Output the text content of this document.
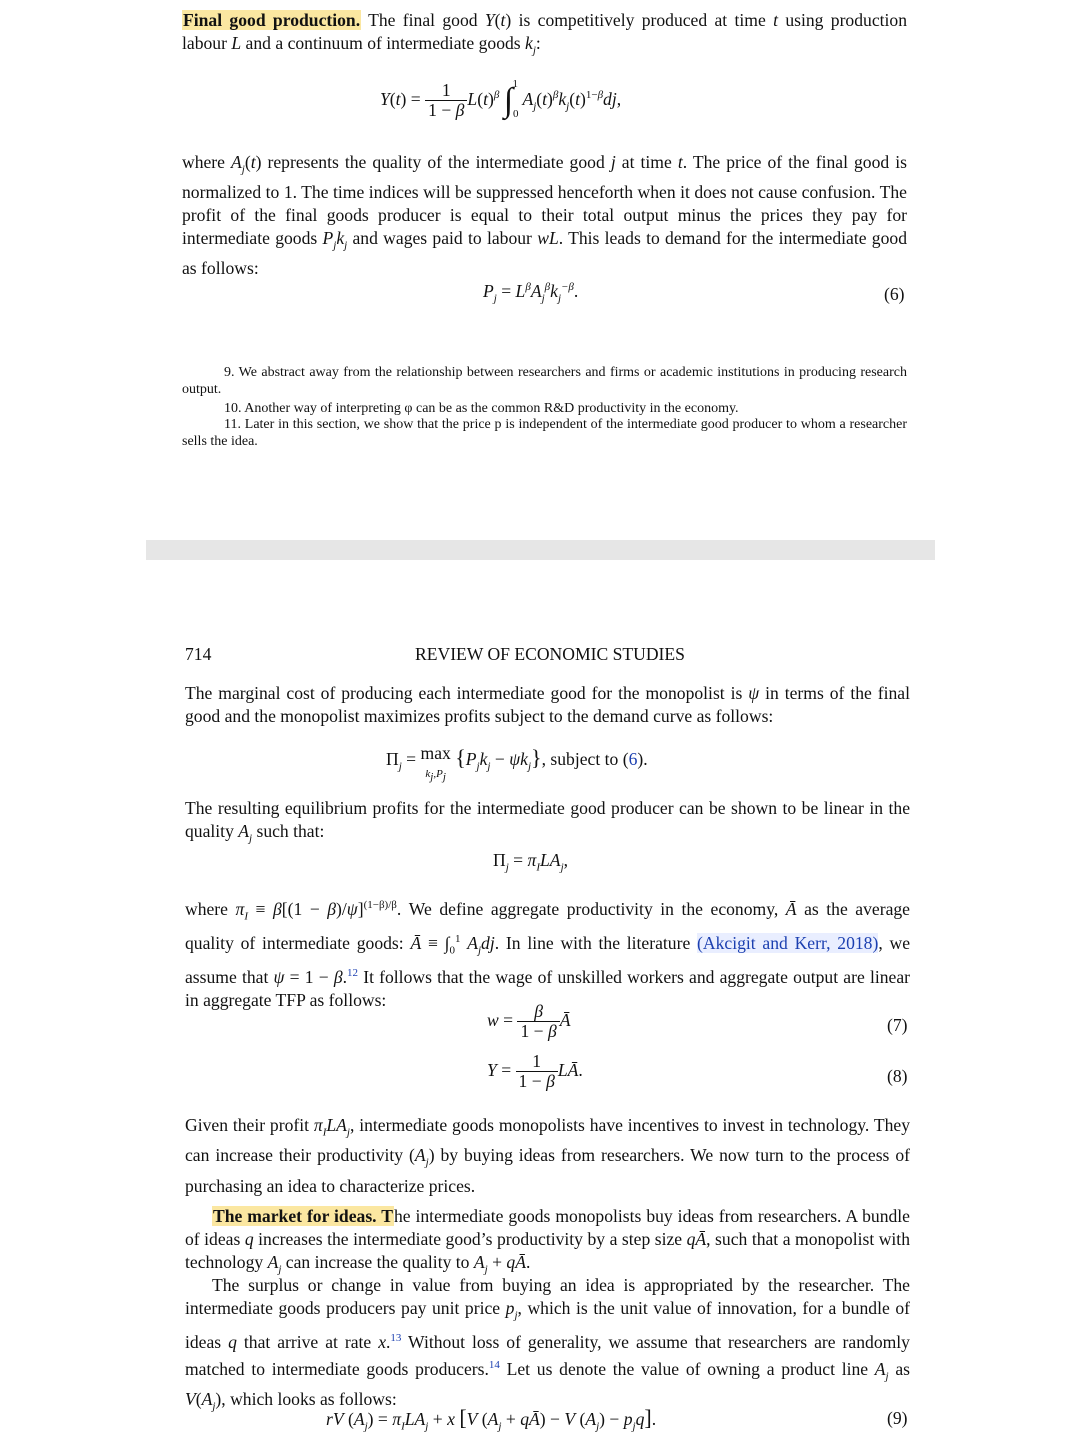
Final good production. The final good Y(t) is competitively produced at time t using production labour L and a continuum of intermediate goods $k_j$:

$Y(t) = \frac{1}{1 - \beta} L(t)^\beta$ $\int_0^1$ $A_j(t)^\beta k_j(t)^{1-\beta}dj$,

where $A_j(t)$ represents the quality of the intermediate good j at time t. The price of the final good is normalized to 1. The time indices will be suppressed henceforth when it does not cause confusion. The profit of the final goods producer is equal to their total output minus the prices they pay for intermediate goods $P_jk_j$ and wages paid to labour wL. This leads to demand for the intermediate good as follows:

$P_j = L^\beta A_j^\beta k_j^{-\beta}$.	(6)

9. We abstract away from the relationship between researchers and firms or academic institutions in producing research output.

10. Another way of interpreting φ can be as the common R&D productivity in the economy.

11. Later in this section, we show that the price p is independent of the intermediate good producer to whom a researcher sells the idea.

714	REVIEW OF ECONOMIC STUDIES

The marginal cost of producing each intermediate good for the monopolist is ψ in terms of the final good and the monopolist maximizes profits subject to the demand curve as follows:

$\Pi_j = \max$
$k_j,P_j$ $\{P_jk_j - \psi k_j\}$, subject to (6).

The resulting equilibrium profits for the intermediate good producer can be shown to be linear in the quality $A_j$ such that:

$\Pi_j = \pi_ILA_j$,

where $\pi_I \equiv \beta[(1 - \beta)/\psi]^{(1-\beta)/\beta}$. We define aggregate productivity in the economy, Ā as the average quality of intermediate goods: Ā ≡ $\int_0^1$ $A_jdj$. In line with the literature (Akcigit and Kerr, 2018), we assume that ψ = 1 − β.$^{12}$ It follows that the wage of unskilled workers and aggregate output are linear in aggregate TFP as follows:

$w = \frac{\beta}{1 - \beta}$ Ā	(7)
$Y = \frac{1}{1 - \beta}$ LĀ.	(8)

Given their profit $\pi_ILA_j$, intermediate goods monopolists have incentives to invest in technology. They can increase their productivity $(A_j)$ by buying ideas from researchers. We now turn to the process of purchasing an idea to characterize prices.

The market for ideas. The intermediate goods monopolists buy ideas from researchers. A bundle of ideas q increases the intermediate good’s productivity by a step size qĀ, such that a monopolist with technology $A_j$ can increase the quality to $A_j$ + qĀ.

The surplus or change in value from buying an idea is appropriated by the researcher. The intermediate goods producers pay unit price $p_j$, which is the unit value of innovation, for a bundle of ideas q that arrive at rate x.$^{13}$ Without loss of generality, we assume that researchers are randomly matched to intermediate goods producers.$^{14}$ Let us denote the value of owning a product line $A_j$ as $V(A_j)$, which looks as follows:

rV $(A_j) = \pi_ILA_j + x$ [V ($A_j$ + qĀ) − V $(A_j) - p_jq$].	(9)
